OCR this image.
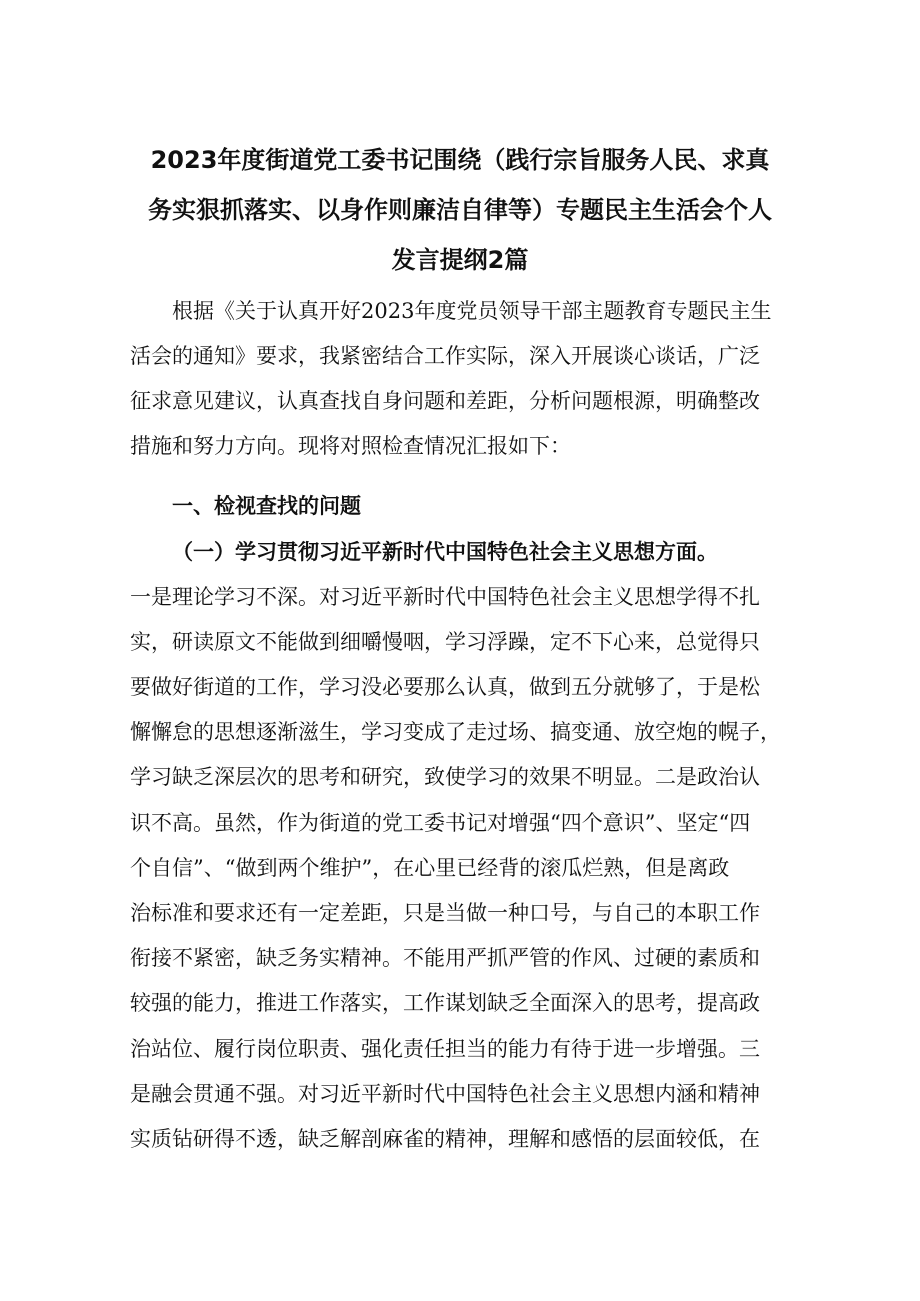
2023年度街道党工委书记围绕（践行宗旨服务人民、求真
务实狠抓落实、以身作则廉洁自律等）专题民主生活会个人
发言提纲2篇
根据《关于认真开好2023年度党员领导干部主题教育专题民主生
活会的通知》要求，我紧密结合工作实际，深入开展谈心谈话，广泛
征求意见建议，认真查找自身问题和差距，分析问题根源，明确整改
措施和努力方向。现将对照检查情况汇报如下：
一、检视查找的问题
（一）学习贯彻习近平新时代中国特色社会主义思想方面。
一是理论学习不深。对习近平新时代中国特色社会主义思想学得不扎
实，研读原文不能做到细嚼慢咽，学习浮躁，定不下心来，总觉得只
要做好街道的工作，学习没必要那么认真，做到五分就够了，于是松
懈懈怠的思想逐渐滋生，学习变成了走过场、搞变通、放空炮的幌子，
学习缺乏深层次的思考和研究，致使学习的效果不明显。二是政治认
识不高。虽然，作为街道的党工委书记对增强“四个意识”、坚定“四
个自信”、“做到两个维护”，在心里已经背的滚瓜烂熟，但是离政
治标准和要求还有一定差距，只是当做一种口号，与自己的本职工作
衔接不紧密，缺乏务实精神。不能用严抓严管的作风、过硬的素质和
较强的能力，推进工作落实，工作谋划缺乏全面深入的思考，提高政
治站位、履行岗位职责、强化责任担当的能力有待于进一步增强。三
是融会贯通不强。对习近平新时代中国特色社会主义思想内涵和精神
实质钻研得不透，缺乏解剖麻雀的精神，理解和感悟的层面较低，在
